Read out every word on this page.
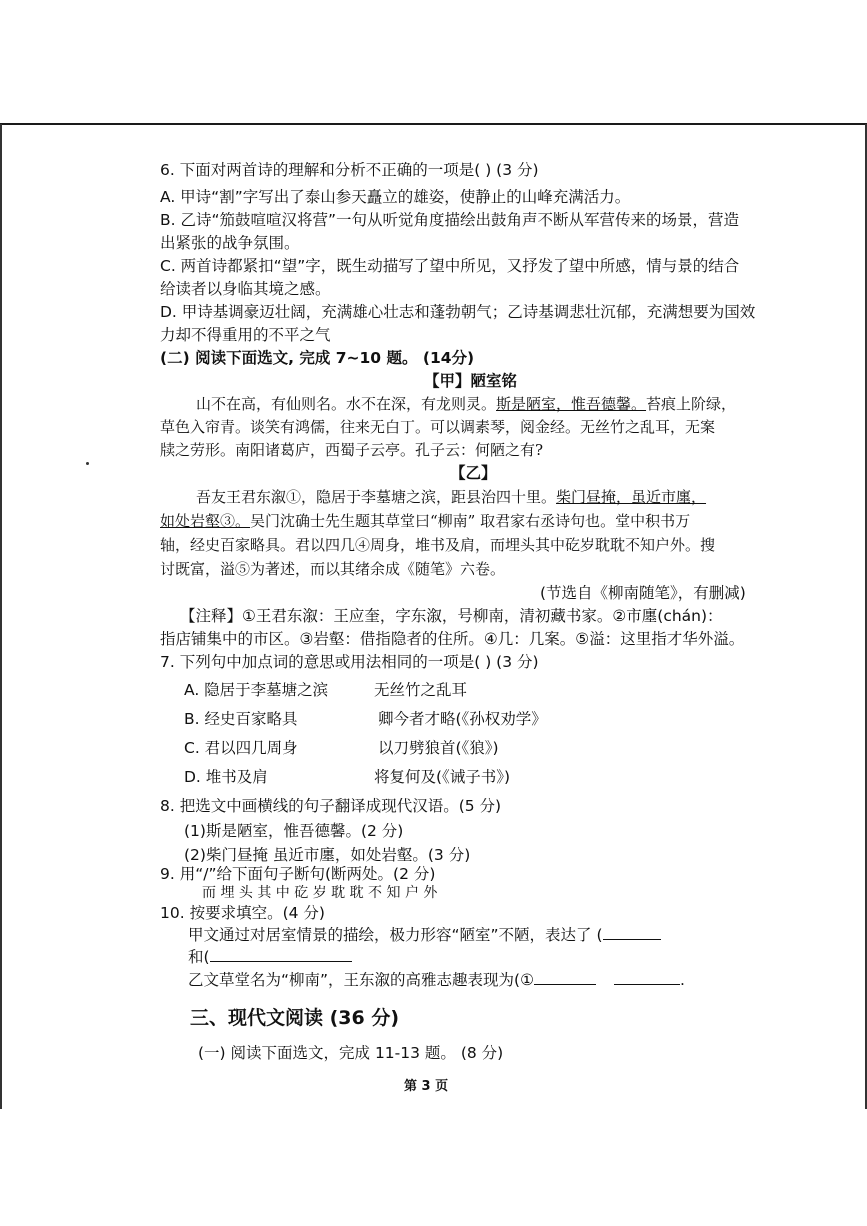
6. 下面对两首诗的理解和分析不正确的一项是( ) (3 分)
A. 甲诗“割”字写出了泰山参天矗立的雄姿，使静止的山峰充满活力。
B. 乙诗“笳鼓喧喧汉将营”一句从听觉角度描绘出鼓角声不断从军营传来的场景，营造
出紧张的战争氛围。
C. 两首诗都紧扣“望”字，既生动描写了望中所见，又抒发了望中所感，情与景的结合
给读者以身临其境之感。
D. 甲诗基调豪迈壮阔，充满雄心壮志和蓬勃朝气；乙诗基调悲壮沉郁，充满想要为国效
力却不得重用的不平之气
(二) 阅读下面选文, 完成 7~10 题。 (14分)
【甲】陋室铭
山不在高，有仙则名。水不在深，有龙则灵。斯是陋室，惟吾德馨。苔痕上阶绿，
草色入帘青。谈笑有鸿儒，往来无白丁。可以调素琴，阅金经。无丝竹之乱耳，无案
牍之劳形。南阳诸葛庐，西蜀子云亭。孔子云：何陋之有?
【乙】
吾友王君东溆①，隐居于李墓塘之滨，距县治四十里。柴门昼掩，虽近市廛，
如处岩壑③。吴门沈确士先生题其草堂曰“柳南” 取君家右丞诗句也。堂中积书万
轴，经史百家略具。君以四几④周身，堆书及肩，而埋头其中矻岁耽耽不知户外。搜
讨既富，溢⑤为著述，而以其绪余成《随笔》六卷。
(节选自《柳南随笔》，有删减)
【注释】①王君东溆：王应奎，字东溆，号柳南，清初藏书家。②市廛(chán)：
指店铺集中的市区。③岩壑：借指隐者的住所。④几：几案。⑤溢：这里指才华外溢。
7. 下列句中加点词的意思或用法相同的一项是( ) (3 分)
A. 隐居于李墓塘之滨	无丝竹之乱耳
B. 经史百家略具	卿今者才略(《孙权劝学》
C. 君以四几周身	以刀劈狼首(《狼》)
D. 堆书及肩	将复何及(《诫子书》)
8. 把选文中画横线的句子翻译成现代汉语。(5 分)
(1)斯是陋室，惟吾德馨。(2 分)
(2)柴门昼掩 虽近市廛，如处岩壑。(3 分)
9. 用“/”给下面句子断句(断两处。(2 分)
而 埋 头 其 中 矻 岁 耽 耽 不 知 户 外
10. 按要求填空。(4 分)
甲文通过对居室情景的描绘，极力形容“陋室”不陋，表达了 (
和(
乙文草堂名为“柳南”，王东溆的高雅志趣表现为(①	.
三、现代文阅读 (36 分)
(一) 阅读下面选文，完成 11-13 题。 (8 分)
第 3 页
